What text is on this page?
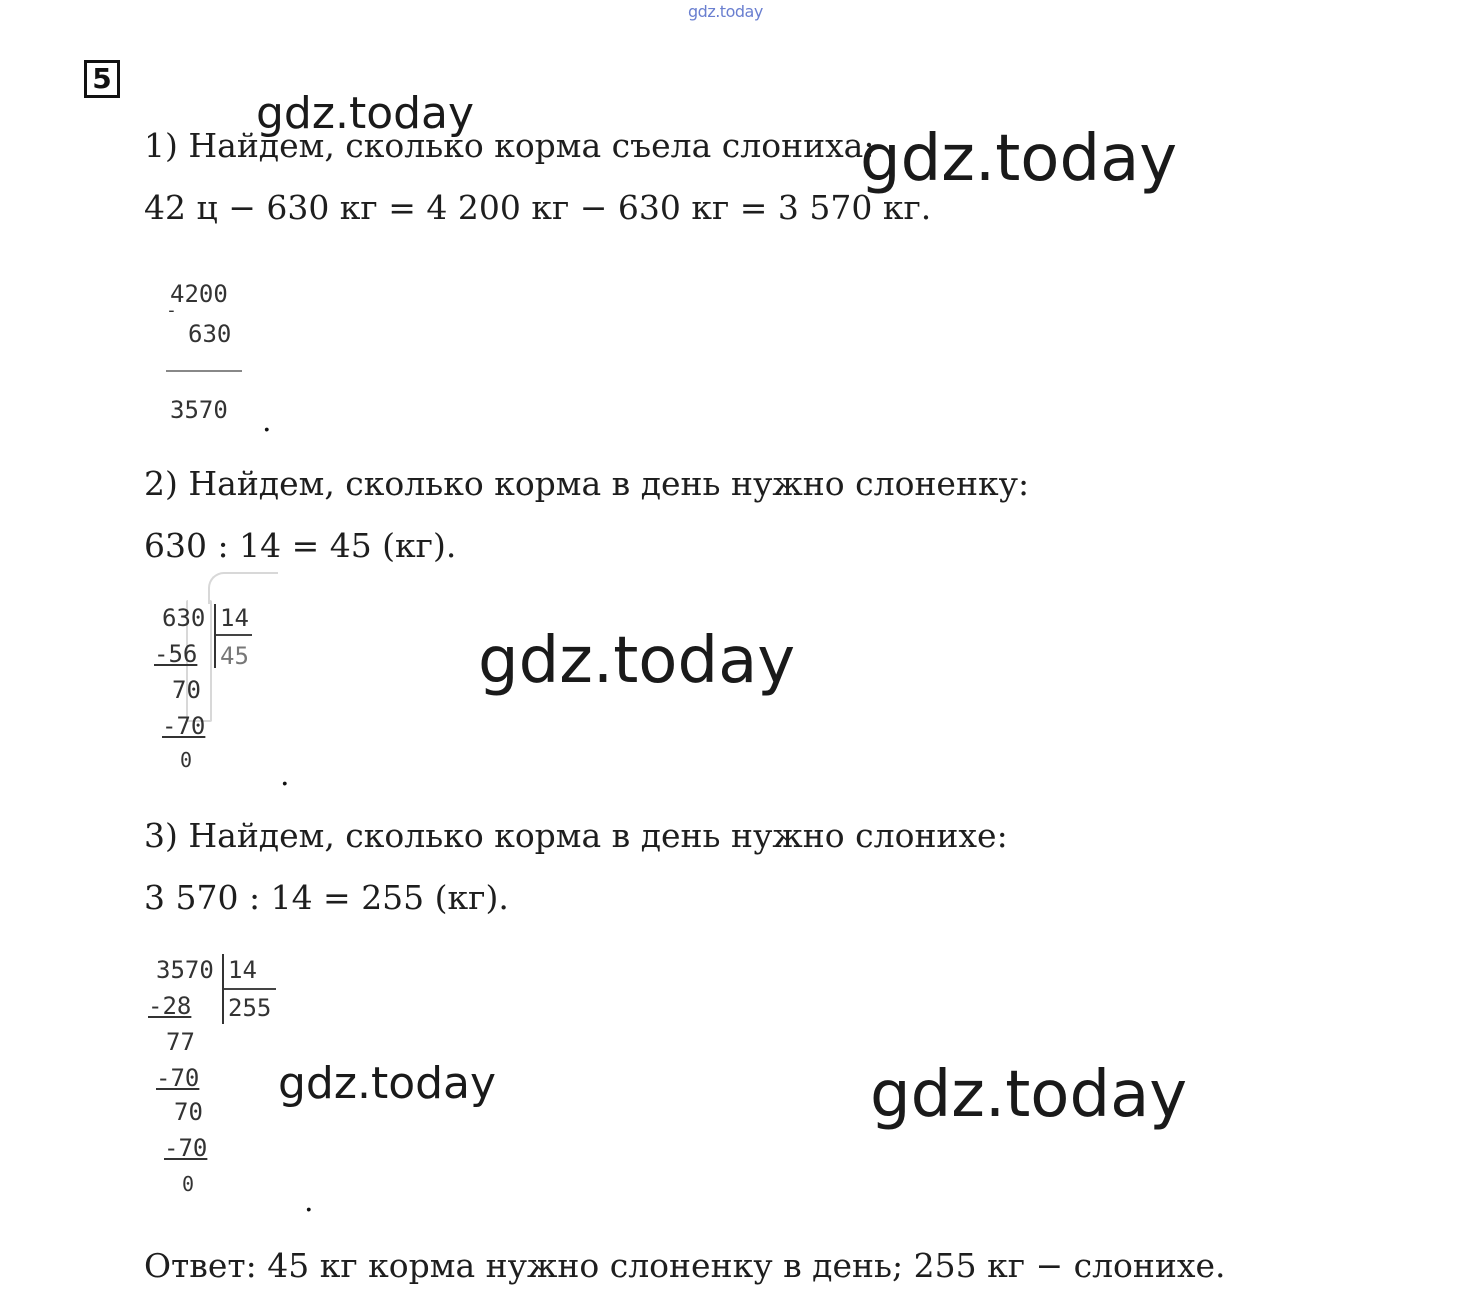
gdz.today
5
1) Найдем, сколько корма съела слониха:
42 ц − 630 кг = 4 200 кг − 630 кг = 3 570 кг.
4200
-
630
3570 .
2) Найдем, сколько корма в день нужно слоненку:
630 : 14 = 45 (кг).
630 14
45
-56
70
-70
0	.
3) Найдем, сколько корма в день нужно слонихе:
3 570 : 14 = 255 (кг).
3570 14
255
-28
77
-70
70
-70
0	.
Ответ: 45 кг корма нужно слоненку в день; 255 кг − слонихе.
gdz.today
gdz.today
gdz.today
gdz.today	gdz.today
